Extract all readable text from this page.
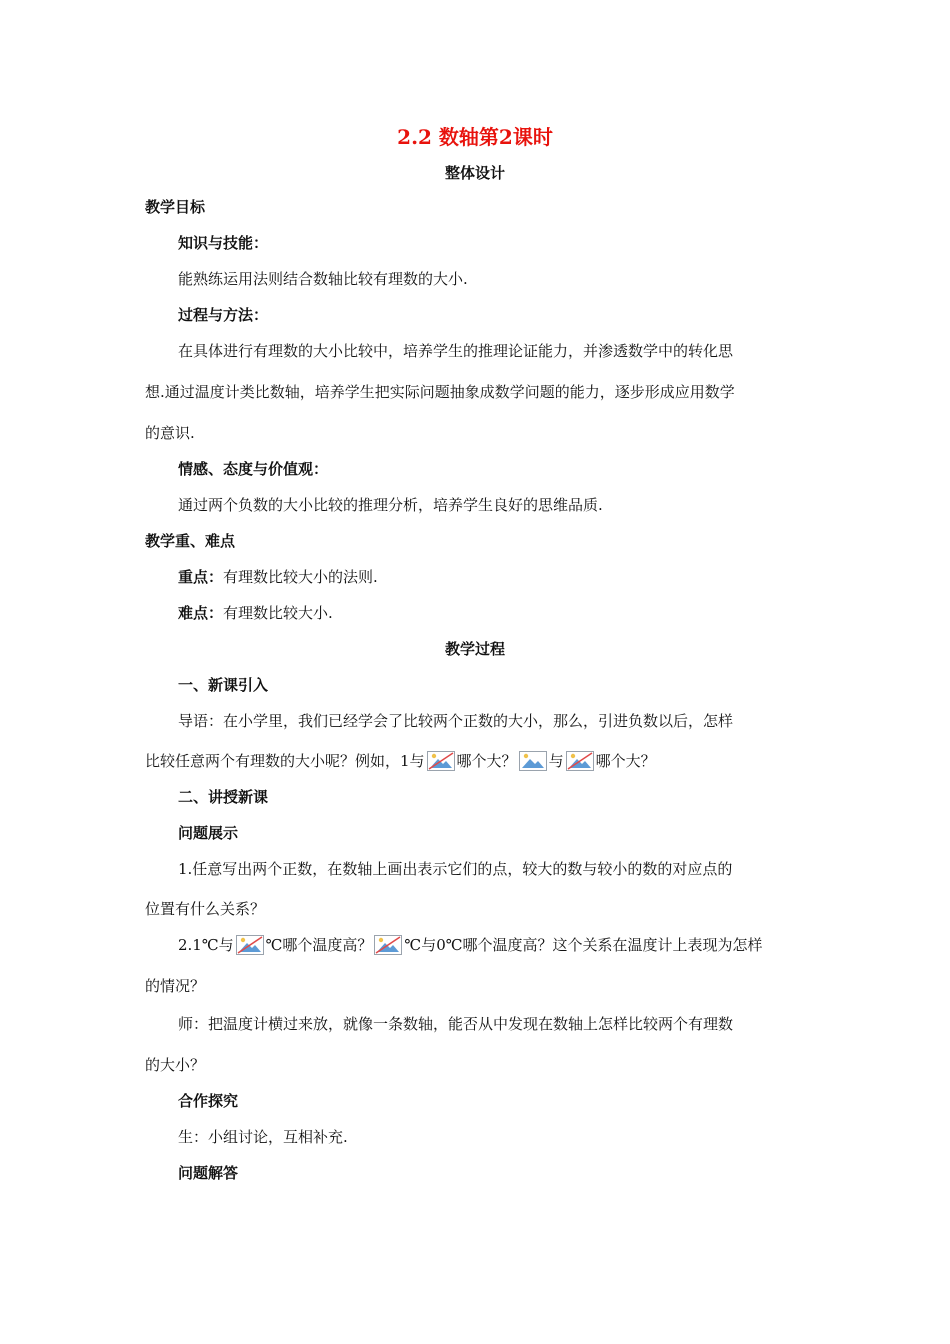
2.2 数轴第2课时
整体设计
教学目标
知识与技能：
能熟练运用法则结合数轴比较有理数的大小.
过程与方法：
在具体进行有理数的大小比较中，培养学生的推理论证能力，并渗透数学中的转化思
想.通过温度计类比数轴，培养学生把实际问题抽象成数学问题的能力，逐步形成应用数学
的意识.
情感、态度与价值观：
通过两个负数的大小比较的推理分析，培养学生良好的思维品质.
教学重、难点
重点：有理数比较大小的法则.
难点：有理数比较大小.
教学过程
一、新课引入
导语：在小学里，我们已经学会了比较两个正数的大小，那么，引进负数以后，怎样
比较任意两个有理数的大小呢？例如，1与 哪个大？ 与 哪个大？
二、讲授新课
问题展示
1.任意写出两个正数，在数轴上画出表示它们的点，较大的数与较小的数的对应点的
位置有什么关系？
2.1℃与 ℃哪个温度高？ ℃与0℃哪个温度高？这个关系在温度计上表现为怎样
的情况？
师：把温度计横过来放，就像一条数轴，能否从中发现在数轴上怎样比较两个有理数
的大小？
合作探究
生：小组讨论，互相补充.
问题解答
